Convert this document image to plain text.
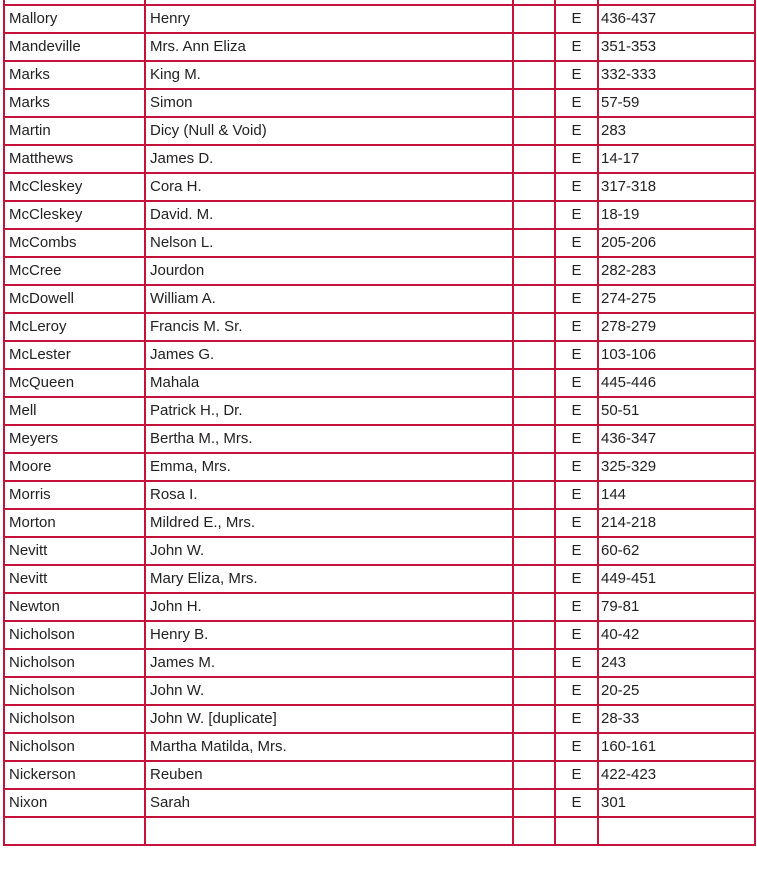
Mallory	Henry		E	436-437
Mandeville	Mrs. Ann Eliza		E	351-353
Marks	King M.		E	332-333
Marks	Simon		E	57-59
Martin	Dicy (Null & Void)		E	283
Matthews	James D.		E	14-17
McCleskey	Cora H.		E	317-318
McCleskey	David. M.		E	18-19
McCombs	Nelson L.		E	205-206
McCree	Jourdon		E	282-283
McDowell	William A.		E	274-275
McLeroy	Francis M. Sr.		E	278-279
McLester	James G.		E	103-106
McQueen	Mahala		E	445-446
Mell	Patrick H., Dr.		E	50-51
Meyers	Bertha M., Mrs.		E	436-347
Moore	Emma, Mrs.		E	325-329
Morris	Rosa I.		E	144
Morton	Mildred E., Mrs.		E	214-218
Nevitt	John W.		E	60-62
Nevitt	Mary Eliza, Mrs.		E	449-451
Newton	John H.		E	79-81
Nicholson	Henry B.		E	40-42
Nicholson	James M.		E	243
Nicholson	John W.		E	20-25
Nicholson	John W. [duplicate]		E	28-33
Nicholson	Martha Matilda, Mrs.		E	160-161
Nickerson	Reuben		E	422-423
Nixon	Sarah		E	301
